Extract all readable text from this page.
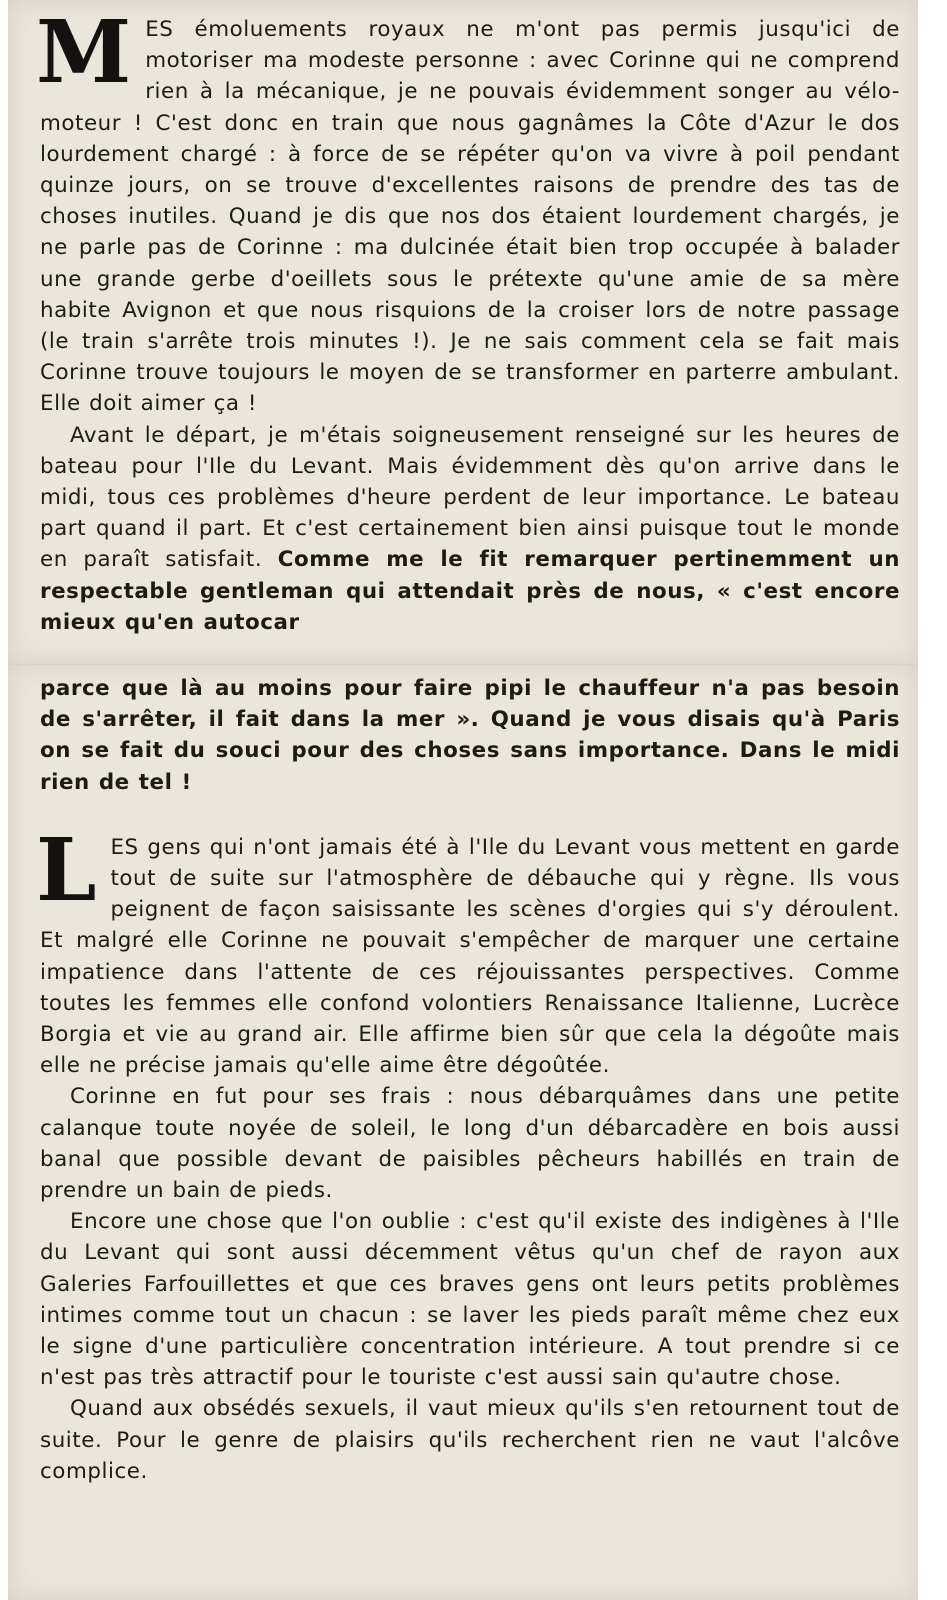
M ES émoluements royaux ne m'ont pas permis jusqu'ici de motoriser ma modeste personne : avec Corinne qui ne comprend rien à la mécanique, je ne pouvais évidemment songer au vélo-moteur ! C'est donc en train que nous gagnâmes la Côte d'Azur le dos lourdement chargé : à force de se répéter qu'on va vivre à poil pendant quinze jours, on se trouve d'excellentes raisons de prendre des tas de choses inutiles. Quand je dis que nos dos étaient lourdement chargés, je ne parle pas de Corinne : ma dulcinée était bien trop occupée à balader une grande gerbe d'oeillets sous le prétexte qu'une amie de sa mère habite Avignon et que nous risquions de la croiser lors de notre passage (le train s'arrête trois minutes !). Je ne sais comment cela se fait mais Corinne trouve toujours le moyen de se transformer en parterre ambulant. Elle doit aimer ça !

Avant le départ, je m'étais soigneusement renseigné sur les heures de bateau pour l'Ile du Levant. Mais évidemment dès qu'on arrive dans le midi, tous ces problèmes d'heure perdent de leur importance. Le bateau part quand il part. Et c'est certainement bien ainsi puisque tout le monde en paraît satisfait. Comme me le fit remarquer pertinemment un respectable gentleman qui attendait près de nous, « c'est encore mieux qu'en autocar

parce que là au moins pour faire pipi le chauffeur n'a pas besoin de s'arrêter, il fait dans la mer ». Quand je vous disais qu'à Paris on se fait du souci pour des choses sans importance. Dans le midi rien de tel !

L ES gens qui n'ont jamais été à l'Ile du Levant vous mettent en garde tout de suite sur l'atmosphère de débauche qui y règne. Ils vous peignent de façon saisissante les scènes d'orgies qui s'y déroulent. Et malgré elle Corinne ne pouvait s'empêcher de marquer une certaine impatience dans l'attente de ces réjouissantes perspectives. Comme toutes les femmes elle confond volontiers Renaissance Italienne, Lucrèce Borgia et vie au grand air. Elle affirme bien sûr que cela la dégoûte mais elle ne précise jamais qu'elle aime être dégoûtée.

Corinne en fut pour ses frais : nous débarquâmes dans une petite calanque toute noyée de soleil, le long d'un débarcadère en bois aussi banal que possible devant de paisibles pêcheurs habillés en train de prendre un bain de pieds.

Encore une chose que l'on oublie : c'est qu'il existe des indigènes à l'Ile du Levant qui sont aussi décemment vêtus qu'un chef de rayon aux Galeries Farfouillettes et que ces braves gens ont leurs petits problèmes intimes comme tout un chacun : se laver les pieds paraît même chez eux le signe d'une particulière concentration intérieure. A tout prendre si ce n'est pas très attractif pour le touriste c'est aussi sain qu'autre chose.

Quand aux obsédés sexuels, il vaut mieux qu'ils s'en retournent tout de suite. Pour le genre de plaisirs qu'ils recherchent rien ne vaut l'alcôve complice.
